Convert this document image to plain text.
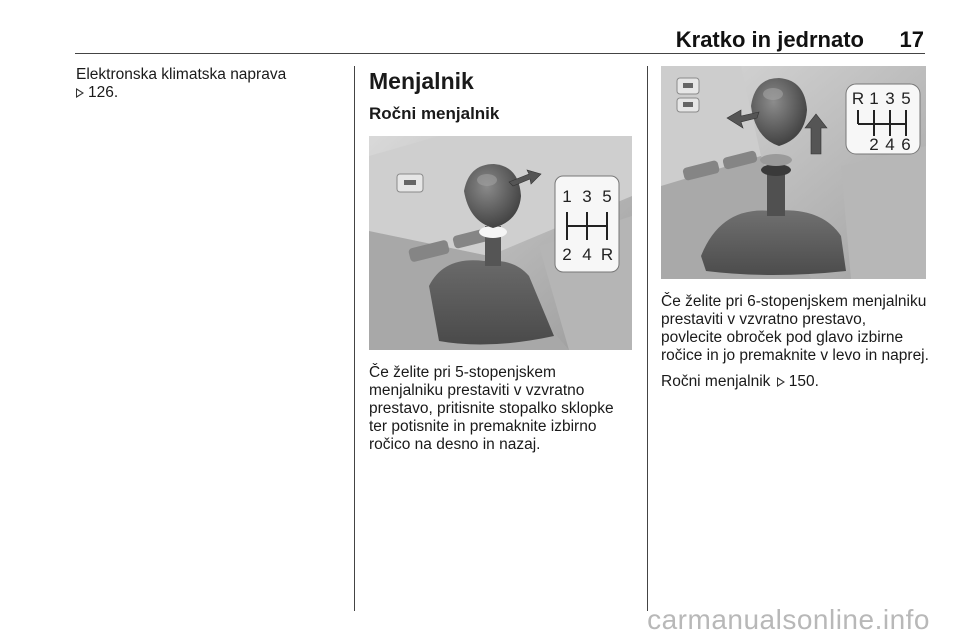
Kratko in jedrnato 17
Elektronska klimatska naprava
126.	Menjalnik
Ročni menjalnik
1 3 5
2 4 R
Če želite pri 5-stopenjskem menjalniku prestaviti v vzvratno prestavo, pritisnite stopalko sklopke ter potisnite in premaknite izbirno ročico na desno in nazaj.
R 1 3 5
2 4 6
Če želite pri 6-stopenjskem menjalniku prestaviti v vzvratno prestavo, povlecite obroček pod glavo izbirne ročice in jo premaknite v levo in naprej.
Ročni menjalnik 150.
carmanualsonline.info
